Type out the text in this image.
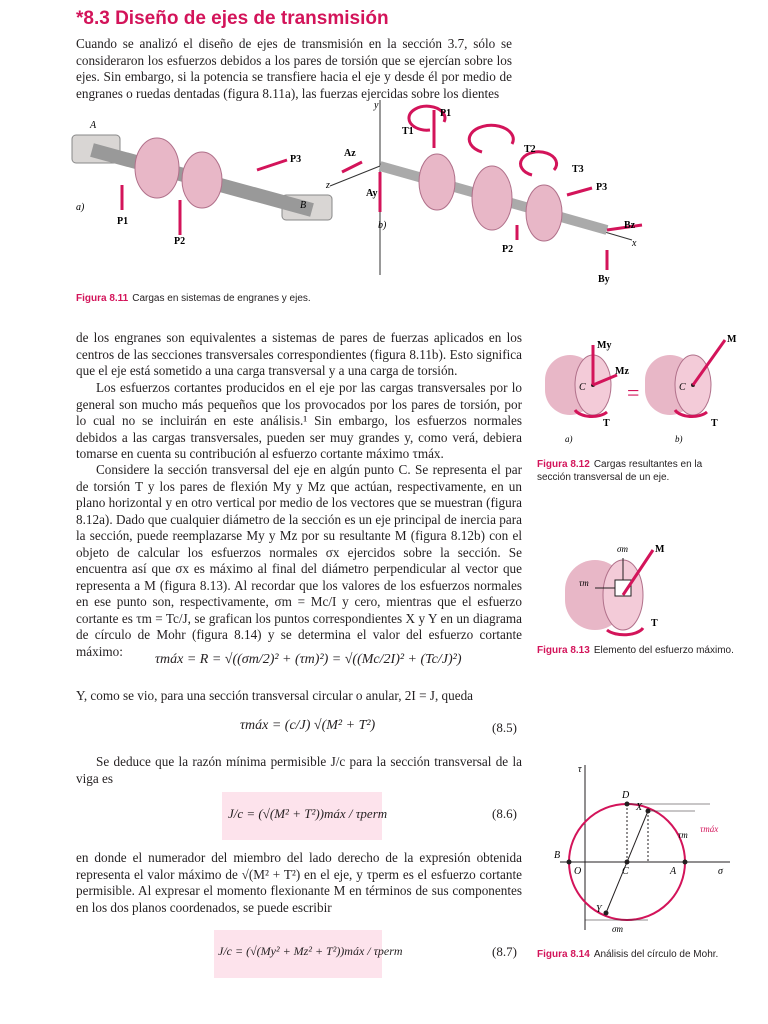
*8.3 Diseño de ejes de transmisión

Cuando se analizó el diseño de ejes de transmisión en la sección 3.7, sólo se consideraron los esfuerzos debidos a los pares de torsión que se ejercían sobre los ejes. Sin embargo, si la potencia se transfiere hacia el eje y desde él por medio de engranes o ruedas dentadas (figura 8.11a), las fuerzas ejercidas sobre los dientes

A
P1
P2
P3
B
a)
y
P1
T1
T2
T3
Az
Ay
z
P2
P3
Bz
By
x
b)
Figura 8.11 Cargas en sistemas de engranes y ejes.

de los engranes son equivalentes a sistemas de pares de fuerzas aplicados en los centros de las secciones transversales correspondientes (figura 8.11b). Esto significa que el eje está sometido a una carga transversal y a una carga de torsión.

Los esfuerzos cortantes producidos en el eje por las cargas transversales por lo general son mucho más pequeños que los provocados por los pares de torsión, por lo cual no se incluirán en este análisis.¹ Sin embargo, los esfuerzos normales debidos a las cargas transversales, pueden ser muy grandes y, como verá, debiera tomarse en cuenta su contribución al esfuerzo cortante máximo τmáx.

Considere la sección transversal del eje en algún punto C. Se representa el par de torsión T y los pares de flexión My y Mz que actúan, respectivamente, en un plano horizontal y en otro vertical por medio de los vectores que se muestran (figura 8.12a). Dado que cualquier diámetro de la sección es un eje principal de inercia para la sección, puede reemplazarse My y Mz por su resultante M (figura 8.12b) con el objeto de calcular los esfuerzos normales σx ejercidos sobre la sección. Se encuentra así que σx es máximo al final del diámetro perpendicular al vector que representa a M (figura 8.13). Al recordar que los valores de los esfuerzos normales en ese punto son, respectivamente, σm = Mc/I y cero, mientras que el esfuerzo cortante es τm = Tc/J, se grafican los puntos correspondientes X y Y en un diagrama de círculo de Mohr (figura 8.14) y se determina el valor del esfuerzo cortante máximo:

τmáx = R = √((σm/2)² + (τm)²) = √((Mc/2I)² + (Tc/J)²)

Y, como se vio, para una sección transversal circular o anular, 2I = J, queda

τmáx = (c/J) √(M² + T²)	(8.5)

Se deduce que la razón mínima permisible J/c para la sección transversal de la viga es

J/c = (√(M² + T²))máx / τperm	(8.6)

en donde el numerador del miembro del lado derecho de la expresión obtenida representa el valor máximo de √(M² + T²) en el eje, y τperm es el esfuerzo cortante permisible. Al expresar el momento flexionante M en términos de sus componentes en los dos planos coordenados, se puede escribir

J/c = (√(My² + Mz² + T²))máx / τperm	(8.7)
My
Mz
C
T
a)
=
M
C
T
b)
Figura 8.12 Cargas resultantes en la sección transversal de un eje.
σm
τm
M
T
Figura 8.13 Elemento del esfuerzo máximo.
τ
D
X
τm
τmáx
B
O	C	A	σ
Y
σm
Figura 8.14 Análisis del círculo de Mohr.
